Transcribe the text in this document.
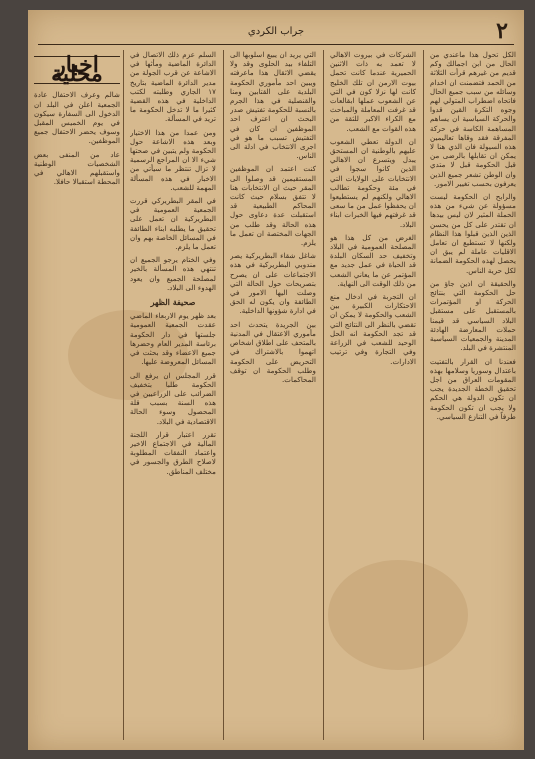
جراب الكردي	٢

الكل تحول هذا ماعندي من الحال من ابن اجمالك وكم قديم من غيرهم قرأت الثلاثة من الحمد فتضمنت ان اخدام وسائله من سبب جميع الحال فاتحاه اضطراب المتولي لهم وجوه التكرة القين قدوا والحركة السياسية ان يساهم المساهمة الكاسة في حركة المفرقة فقد وقاها تعاليمين هذه السيولة فان الذي هنا لا يمكن ان تقابلها بالرضى من قبل الحكومة قبل لا متدي وان الوطن تشعر جميع الذين يعرفون بحسب تغيير الامور.

والرابح ان الحكومة ليست مسؤولة عن شيء من هذه الحملة المثير لان ليس بيدها ان تقتدر على كل من يحسن الذين الذين قبلوا هذا النظام ولكنها لا تستطيع ان تعامل الاقليات عاملة لم يبق ان يحصل لهذه الحكومة الضمانة لكل حرية الناس.

والحقيقة ان اذين جاؤ من حل الحكومة التي بنتائج الحركة او المؤتمرات بالمستقبل على مستقبل البلاد السياسي قد قيمنا حملات المعارضة الهادئة المدينة والجمعيات السياسية المنتشرة في البلد.

فعندنا ان القرار بالتفتيت باعتدال وسوريا وسلامها بهذه المقومات العراق من اجل تحقيق الخطة الجديدة يجب ان تكون الدولة هي الحكم ولا يجب ان تكون الحكومة طرفاً في التنازع السياسي.

الشركات في بيروت الاهالي لا تعمد به ذات الاثنين الحميرية عندما كانت تحمل بيوت الارمن ان تلك الخليج كانت لها نزلا كون في التي عن الشعوب عملها ابقالعات قد غرفت المعاملة والمباحث مع الكراء الاكبر للثقة من هذه القوات مع الشعب.

ان الدولة تعطي الشعوب عليهم بالوطنية ان المستحق يبدل ويتسرع ان الاهالي الذين كانوا سجوا في الانتخابات على الولايات التي في مئة وحكومة تطالب الاهالي ولكنهم لم يستطيعوا ان يحفظوا عمل من ما سعى قد غرفتهم فيها الخبرات ابناء البلاد.

الغرض من كل هذا هو المصلحة العمومية في البلاد وتخفيف حد السكان البلدة قد الحياة في عمل جديد مع المؤتمر عن ما يعاني الشعب من ذلك الوقت الى النهاية.

ان التجربة في ادخال منع الاحتكارات الكبيرة بين الشعب والحكومة لا يمكن ان تقضي بالنظر الى النتائج التي قد تجد الحكومة انه الحل الوحيد للشعب في الزراعة وفي التجارة وفي ترتيب الادارات.

التي يريد ان يبيع اسلوبها الى التلفاء بيد الحلوى وقد ولا يقضي الاثقال هذا ماعرفته ويبين احد مأموري الحكومة البلدية على القتابين ومنا والقنصلية في هذا الجرم بالنسبة للحكومة تفتيش صدر البحث ان اعترف احد الموظفين ان كان في التفتيش تسبب ما هو في اجرى الانتخاب في ادلة الى الناس.

كنت اعتمد ان الموظفين المستقيمين قد وصلوا الى المقر حيث ان الانتخابات هنا لا تتفق بسلام حيث كانت المحاكم الطبيعية قد استقبلت عدة دعاوى حول هذه الحالة وقد طلب من الجهات المختصة ان تعمل ما يلزم.

شاغل شقاء البطريركية يصر مندوبي البطريركية في هذه الاجتماعات على ان يصرح بتصريحات حول الحالة التي وصلت اليها الامور في الطائفة وان يكون له الحق في ادارة شؤونها الداخلية.

بين الجريدة يتحدث احد مأموري الاعتقال في المدنية بالمتحف على اطلاق اشخاص اتهموا بالاشتراك في التحريض على الحكومة وطلب الحكومة ان توقف المحاكمات.

السلم عزم ذلك الاتصال في الدائرة الماضية ومأثها في الاشاعة عن قرب الجولة من مدير الدائرة الماضية بتاريخ ١٧ الجاري وطلبته لكتب الداخلية في هذه القضية كثيرا ما لا تدخل الحكومة ما تريد في المسألة.

ومن عمدا من هذا الاختيار وبعد هذه الاشاعة حول الحكومة ولم يتبين في صحتها شيء الا ان المراجع الرسمية لا تزال تنتظر ما سيأتي من الاخبار في هذه المسألة المهمة للشعب.

في المقر البطريركي قررت الجمعية العمومية في البطريركية ان تعمل على تحقيق ما يطلبه ابناء الطائفة في المسائل الخاصة بهم وان تعمل ما يلزم.

وفي الختام يرجو الجميع ان تنتهي هذه المسألة بالخير لمصلحة الجميع وان يعود الهدوء الى البلاد.

صحيفة الظهر

بعد ظهر يوم الاربعاء الماضي عقدت الجمعية العمومية جلستها في دار الحكومة برئاسة المدير العام وحضرها جميع الاعضاء وقد بحثت في المسائل المعروضة عليها.

قرر المجلس ان يرفع الى الحكومة طلبا بتخفيف الضرائب على الزراعيين في هذه السنة بسبب قلة المحصول وسوء الحالة الاقتصادية في البلاد.

تقرر اعتبار قرار اللجنة المالية في الاجتماع الاخير واعتماد النفقات المطلوبة لاصلاح الطرق والجسور في مختلف المناطق.

اخبار محلية

شالم وعرف الاحتفال عادة الجمعية اعلن في البلد ان الدخول الى السفارة سيكون في يوم الخميس المقبل وسوف يحضر الاحتفال جميع الموظفين.

عاد من المنفى بعض الشخصيات الوطنية واستقبلهم الاهالي في المحطة استقبالا حافلا.
